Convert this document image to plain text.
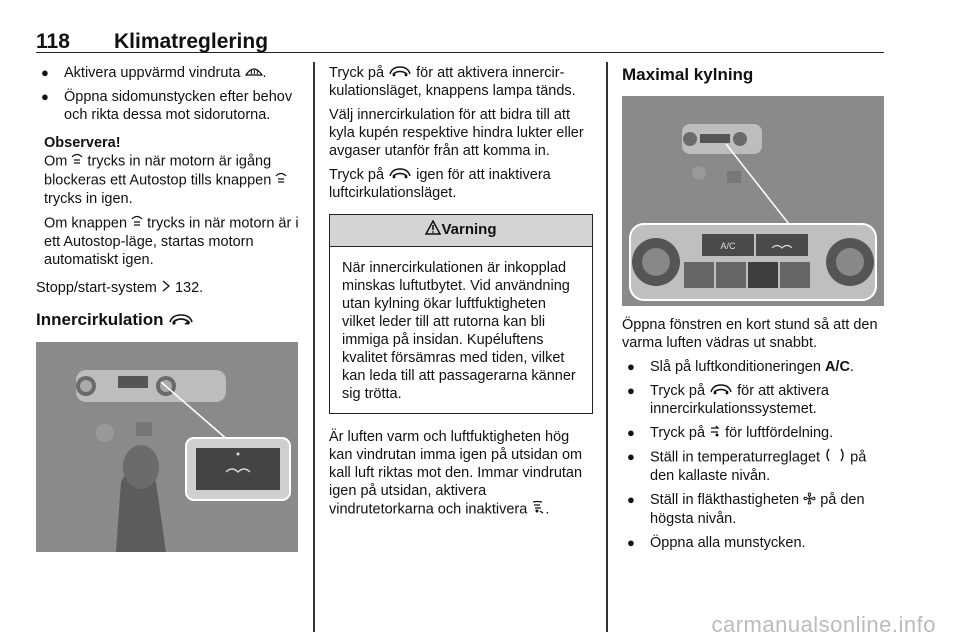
118 Klimatreglering
● Aktivera uppvärmd vindruta .
● Öppna sidomunstycken efter behov och rikta dessa mot sidorutorna.

Observera!

Om trycks in när motorn är igång blockeras ett Autostop tills knappen  trycks in igen.

Om knappen trycks in när motorn är i ett Autostop-läge, startas motorn automatiskt igen.

Stopp/start-system 132.

Innercirkulation

Tryck på för att aktivera innercirkulationsläget, knappens lampa tänds.

Välj innercirkulation för att bidra till att kyla kupén respektive hindra lukter eller avgaser utanför från att komma in.

Tryck på igen för att inaktivera luftcirkulationsläget.

Varning
När innercirkulationen är inkopplad minskas luftutbytet. Vid användning utan kylning ökar luftfuktigheten vilket leder till att rutorna kan bli immiga på insidan. Kupéluftens kvalitet försämras med tiden, vilket kan leda till att passagerarna känner sig trötta.

Är luften varm och luftfuktigheten hög kan vindrutan imma igen på utsidan om kall luft riktas mot den. Immar vindrutan igen på utsidan, aktivera vindrutetorkarna och inaktivera .

Maximal kylning
A/C

Öppna fönstren en kort stund så att den varma luften vädras ut snabbt.

● Slå på luftkonditioneringen A/C.
● Tryck på för att aktivera innercirkulationssystemet.
● Tryck på för luftfördelning.
● Ställ in temperaturreglaget på den kallaste nivån.
● Ställ in fläkthastigheten på den högsta nivån.
● Öppna alla munstycken.
carmanualsonline.info
